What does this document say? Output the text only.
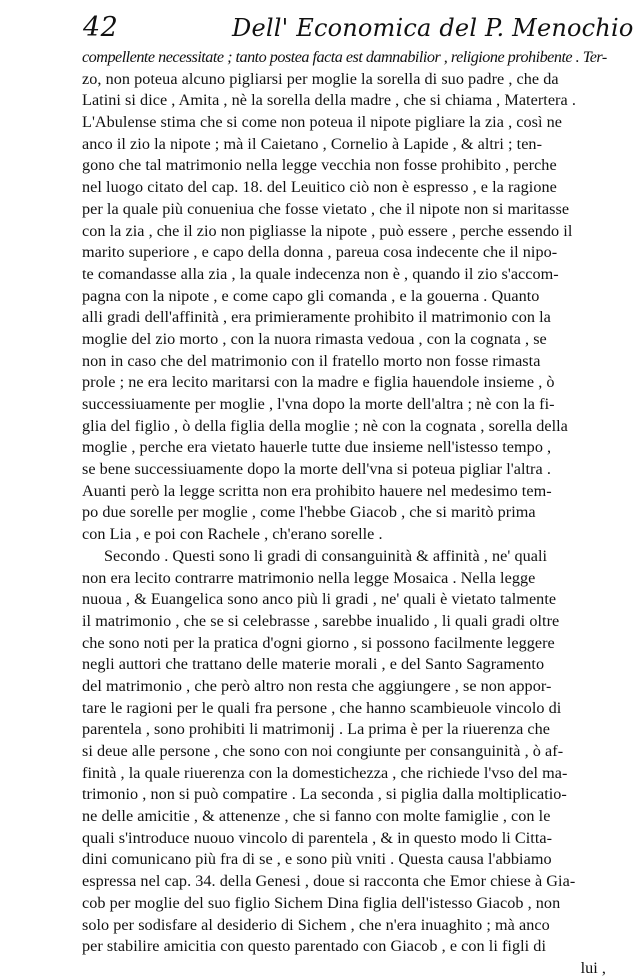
42	Dell' Economica del P. Menochio
compellente necessitate ; tanto postea facta est damnabilior , religione prohibente . Ter-
zo, non poteua alcuno pigliarsi per moglie la sorella di suo padre , che da
Latini si dice , Amita , nè la sorella della madre , che si chiama , Matertera .
L'Abulense stima che si come non poteua il nipote pigliare la zia , così ne
anco il zio la nipote ; mà il Caietano , Cornelio à Lapide , & altri ; ten-
gono che tal matrimonio nella legge vecchia non fosse prohibito , perche
nel luogo citato del cap. 18. del Leuitico ciò non è espresso , e la ragione
per la quale più conueniua che fosse vietato , che il nipote non si maritasse
con la zia , che il zio non pigliasse la nipote , può essere , perche essendo il
marito superiore , e capo della donna , pareua cosa indecente che il nipo-
te comandasse alla zia , la quale indecenza non è , quando il zio s'accom-
pagna con la nipote , e come capo gli comanda , e la gouerna . Quanto
alli gradi dell'affinità , era primieramente prohibito il matrimonio con la
moglie del zio morto , con la nuora rimasta vedoua , con la cognata , se
non in caso che del matrimonio con il fratello morto non fosse rimasta
prole ; ne era lecito maritarsi con la madre e figlia hauendole insieme , ò
successiuamente per moglie , l'vna dopo la morte dell'altra ; nè con la fi-
glia del figlio , ò della figlia della moglie ; nè con la cognata , sorella della
moglie , perche era vietato hauerle tutte due insieme nell'istesso tempo ,
se bene successiuamente dopo la morte dell'vna si poteua pigliar l'altra .
Auanti però la legge scritta non era prohibito hauere nel medesimo tem-
po due sorelle per moglie , come l'hebbe Giacob , che si maritò prima
con Lia , e poi con Rachele , ch'erano sorelle .
Secondo . Questi sono li gradi di consanguinità & affinità , ne' quali
non era lecito contrarre matrimonio nella legge Mosaica . Nella legge
nuoua , & Euangelica sono anco più li gradi , ne' quali è vietato talmente
il matrimonio , che se si celebrasse , sarebbe inualido , li quali gradi oltre
che sono noti per la pratica d'ogni giorno , si possono facilmente leggere
negli auttori che trattano delle materie morali , e del Santo Sagramento
del matrimonio , che però altro non resta che aggiungere , se non appor-
tare le ragioni per le quali fra persone , che hanno scambieuole vincolo di
parentela , sono prohibiti li matrimonij . La prima è per la riuerenza che
si deue alle persone , che sono con noi congiunte per consanguinità , ò af-
finità , la quale riuerenza con la domestichezza , che richiede l'vso del ma-
trimonio , non si può compatire . La seconda , si piglia dalla moltiplicatio-
ne delle amicitie , & attenenze , che si fanno con molte famiglie , con le
quali s'introduce nuouo vincolo di parentela , & in questo modo li Citta-
dini comunicano più fra di se , e sono più vniti . Questa causa l'abbiamo
espressa nel cap. 34. della Genesi , doue si racconta che Emor chiese à Gia-
cob per moglie del suo figlio Sichem Dina figlia dell'istesso Giacob , non
solo per sodisfare al desiderio di Sichem , che n'era inuaghito ; mà anco
per stabilire amicitia con questo parentado con Giacob , e con li figli di
lui ,
